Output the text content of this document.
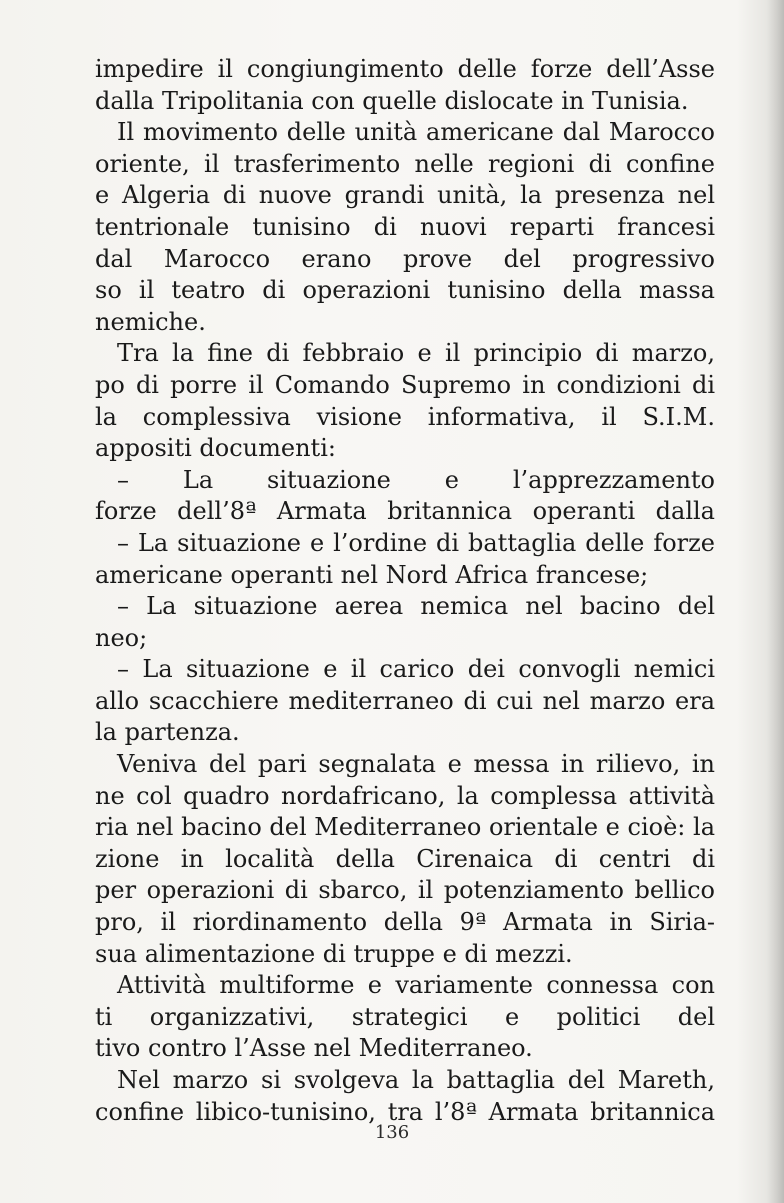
impedire il congiungimento delle forze dell’Asse
dalla Tripolitania con quelle dislocate in Tunisia.
Il movimento delle unità americane dal Marocco
oriente, il trasferimento nelle regioni di confine
e Algeria di nuove grandi unità, la presenza nel
tentrionale tunisino di nuovi reparti francesi
dal Marocco erano prove del progressivo
so il teatro di operazioni tunisino della massa
nemiche.
Tra la fine di febbraio e il principio di marzo,
po di porre il Comando Supremo in condizioni di
la complessiva visione informativa, il S.I.M.
appositi documenti:
– La situazione e l’apprezzamento
forze dell’8ª Armata britannica operanti dalla
– La situazione e l’ordine di battaglia delle forze
americane operanti nel Nord Africa francese;
– La situazione aerea nemica nel bacino del
neo;
– La situazione e il carico dei convogli nemici
allo scacchiere mediterraneo di cui nel marzo era
la partenza.
Veniva del pari segnalata e messa in rilievo, in
ne col quadro nordafricano, la complessa attività
ria nel bacino del Mediterraneo orientale e cioè: la
zione in località della Cirenaica di centri di
per operazioni di sbarco, il potenziamento bellico
pro, il riordinamento della 9ª Armata in Siria-
sua alimentazione di truppe e di mezzi.
Attività multiforme e variamente connessa con
ti organizzativi, strategici e politici del
tivo contro l’Asse nel Mediterraneo.
Nel marzo si svolgeva la battaglia del Mareth,
confine libico-tunisino, tra l’8ª Armata britannica
136
